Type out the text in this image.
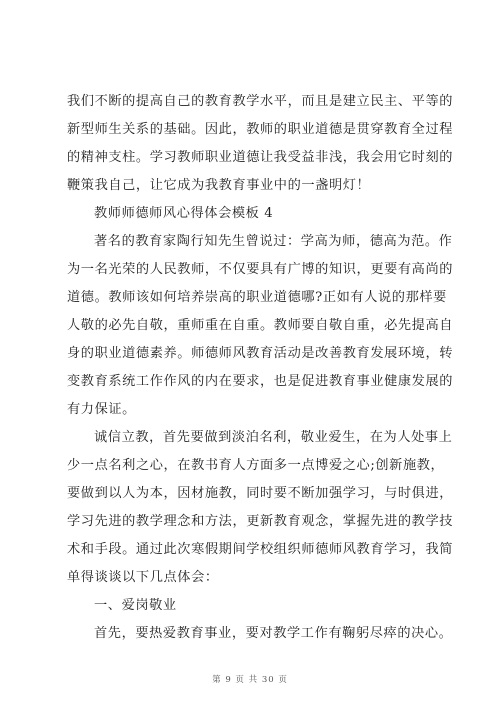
我们不断的提高自己的教育教学水平，而且是建立民主、平等的
新型师生关系的基础。因此，教师的职业道德是贯穿教育全过程
的精神支柱。学习教师职业道德让我受益非浅，我会用它时刻的
鞭策我自己，让它成为我教育事业中的一盏明灯！
教师师德师风心得体会模板 4
著名的教育家陶行知先生曾说过：学高为师，德高为范。作
为一名光荣的人民教师，不仅要具有广博的知识，更要有高尚的
道德。教师该如何培养崇高的职业道德哪?正如有人说的那样要
人敬的必先自敬，重师重在自重。教师要自敬自重，必先提高自
身的职业道德素养。师德师风教育活动是改善教育发展环境，转
变教育系统工作作风的内在要求，也是促进教育事业健康发展的
有力保证。
诚信立教，首先要做到淡泊名利，敬业爱生，在为人处事上
少一点名利之心，在教书育人方面多一点博爱之心;创新施教，
要做到以人为本，因材施教，同时要不断加强学习，与时俱进，
学习先进的教学理念和方法，更新教育观念，掌握先进的教学技
术和手段。通过此次寒假期间学校组织师德师风教育学习，我简
单得谈谈以下几点体会：
一、爱岗敬业
首先，要热爱教育事业，要对教学工作有鞠躬尽瘁的决心。
第 9 页 共 30 页
